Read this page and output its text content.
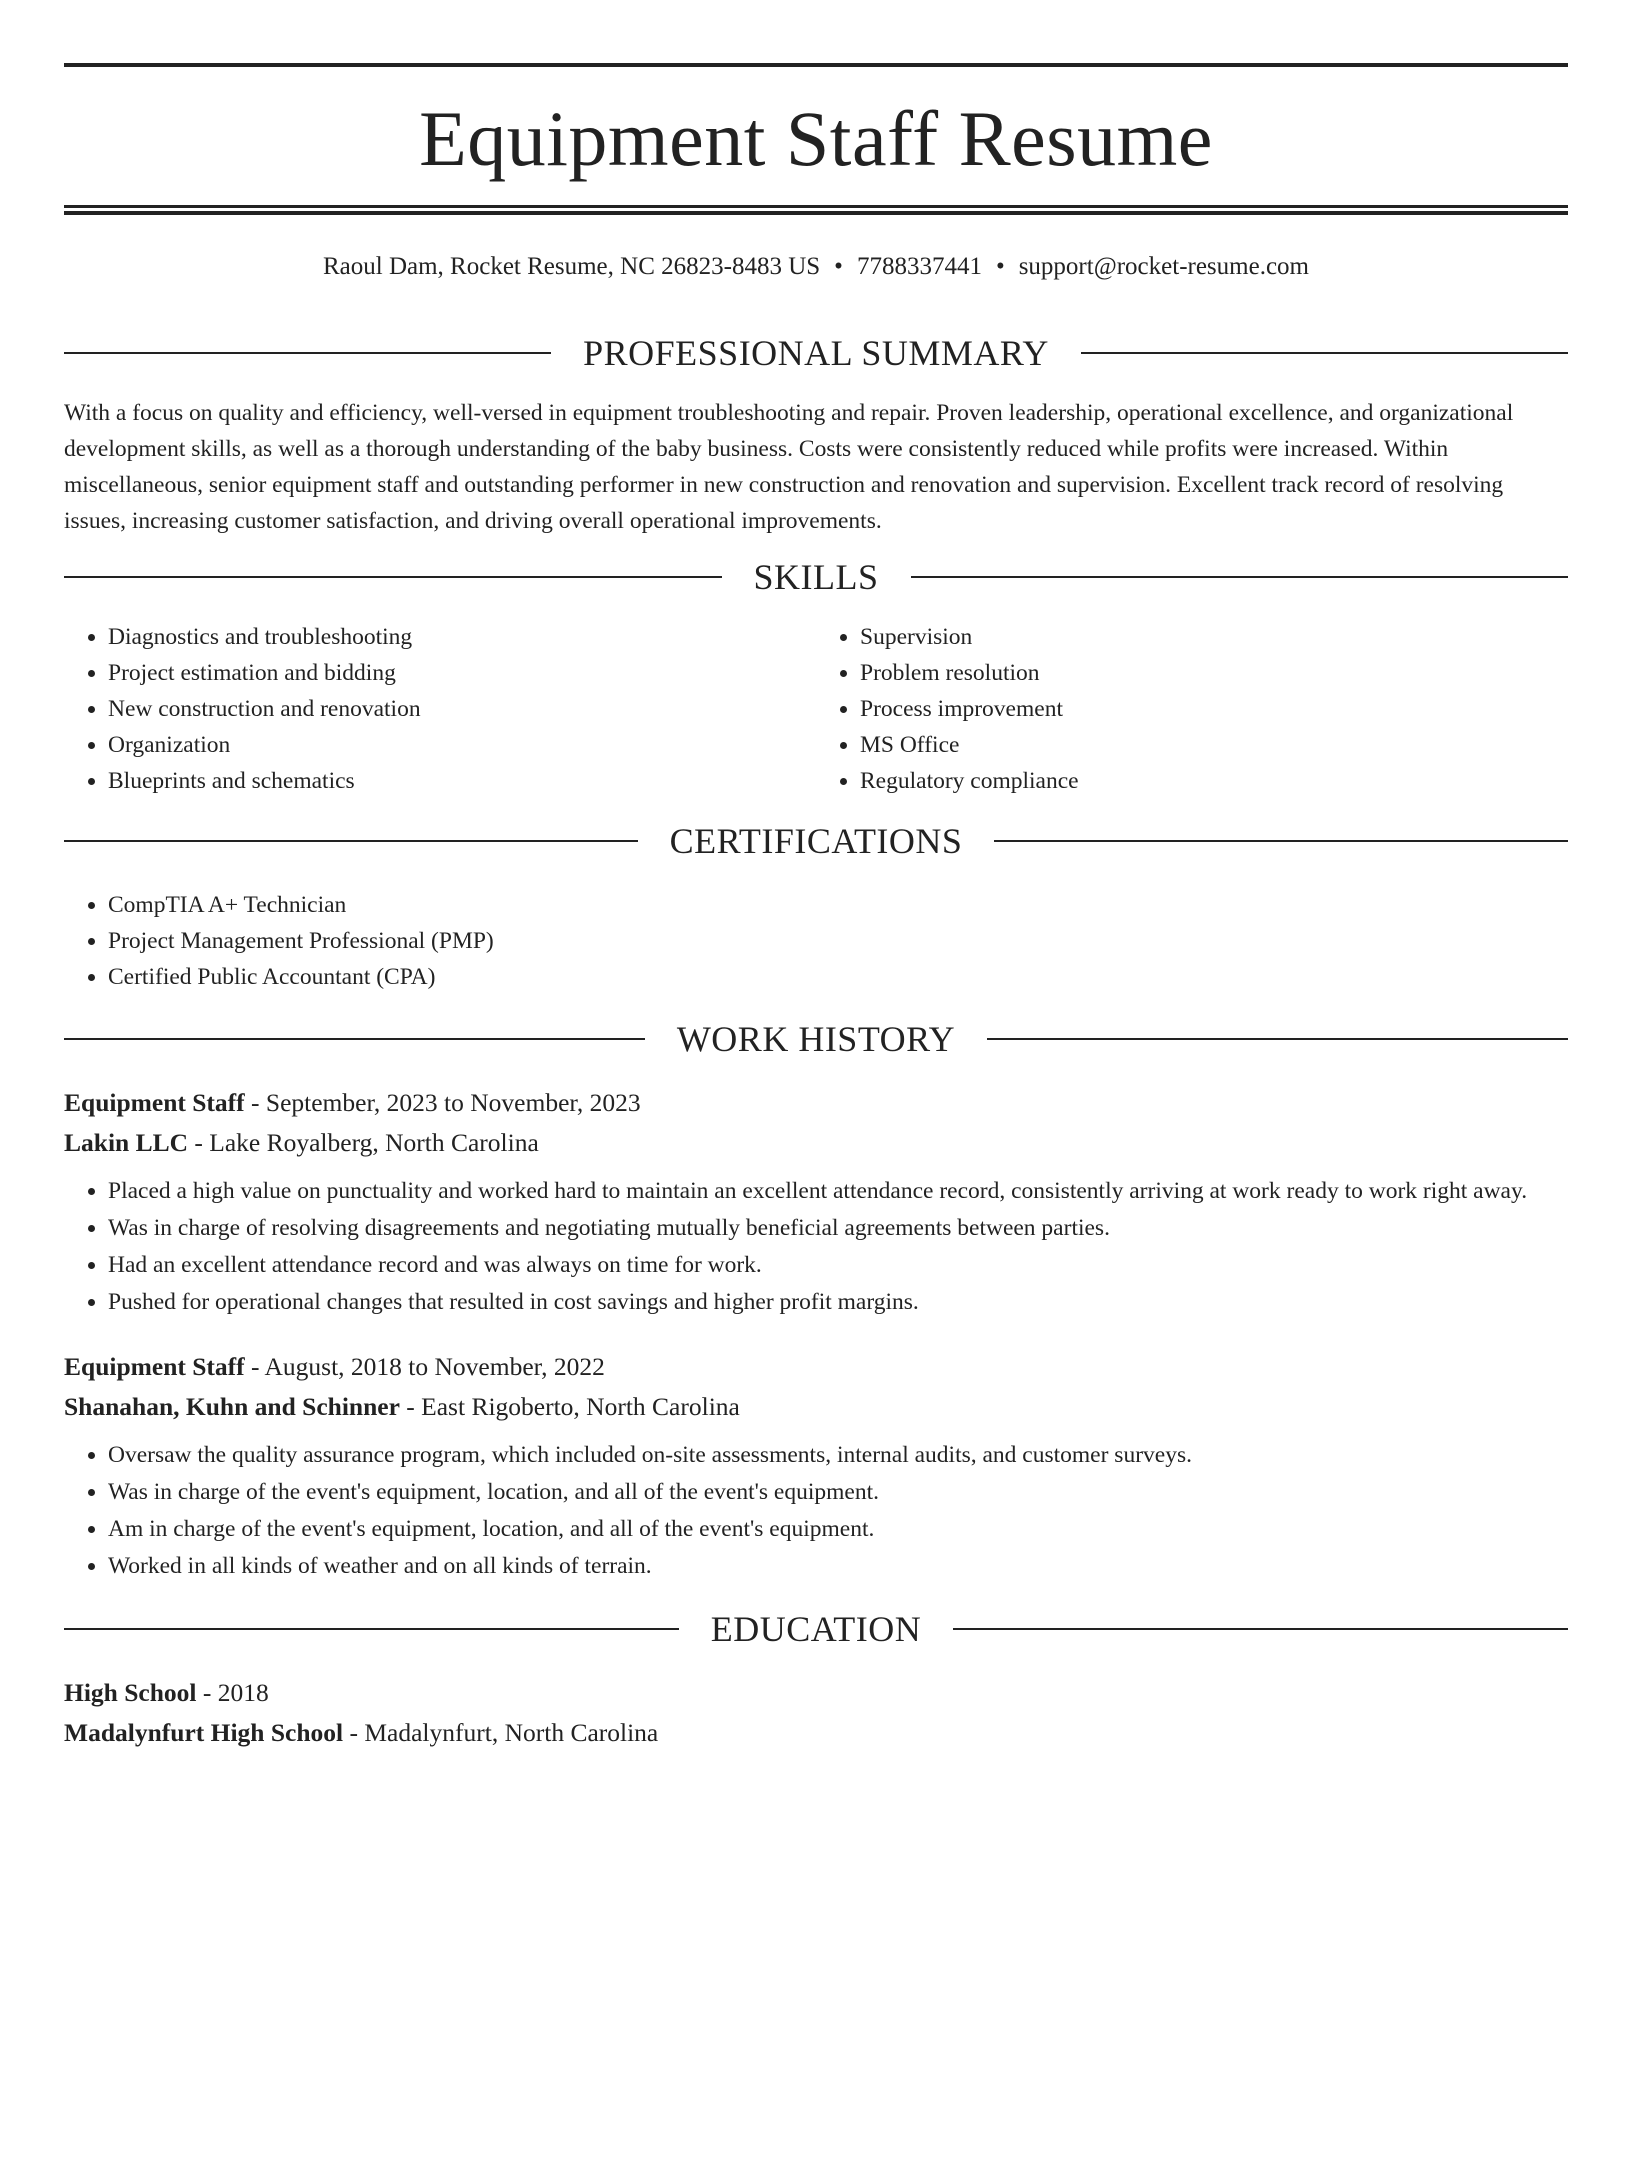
Equipment Staff Resume
Raoul Dam, Rocket Resume, NC 26823-8483 US • 7788337441 • support@rocket-resume.com
PROFESSIONAL SUMMARY

With a focus on quality and efficiency, well-versed in equipment troubleshooting and repair. Proven leadership, operational excellence, and organizational development skills, as well as a thorough understanding of the baby business. Costs were consistently reduced while profits were increased. Within miscellaneous, senior equipment staff and outstanding performer in new construction and renovation and supervision. Excellent track record of resolving issues, increasing customer satisfaction, and driving overall operational improvements.

SKILLS
• Diagnostics and troubleshooting
• Project estimation and bidding
• New construction and renovation
• Organization
• Blueprints and schematics
• Supervision
• Problem resolution
• Process improvement
• MS Office
• Regulatory compliance
CERTIFICATIONS
• CompTIA A+ Technician
• Project Management Professional (PMP)
• Certified Public Accountant (CPA)
WORK HISTORY
Equipment Staff - September, 2023 to November, 2023
Lakin LLC - Lake Royalberg, North Carolina
• Placed a high value on punctuality and worked hard to maintain an excellent attendance record, consistently arriving at work ready to work right away.
• Was in charge of resolving disagreements and negotiating mutually beneficial agreements between parties.
• Had an excellent attendance record and was always on time for work.
• Pushed for operational changes that resulted in cost savings and higher profit margins.
Equipment Staff - August, 2018 to November, 2022
Shanahan, Kuhn and Schinner - East Rigoberto, North Carolina
• Oversaw the quality assurance program, which included on-site assessments, internal audits, and customer surveys.
• Was in charge of the event's equipment, location, and all of the event's equipment.
• Am in charge of the event's equipment, location, and all of the event's equipment.
• Worked in all kinds of weather and on all kinds of terrain.
EDUCATION
High School - 2018
Madalynfurt High School - Madalynfurt, North Carolina
